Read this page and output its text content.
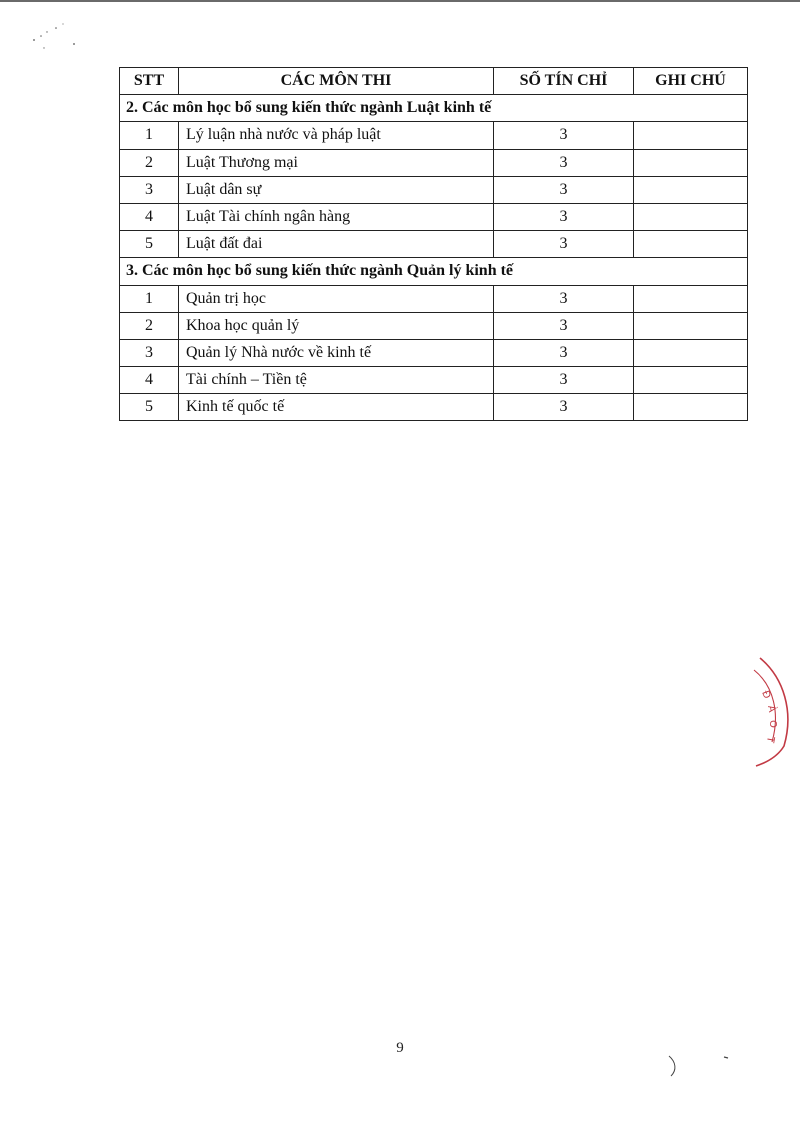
STT	CÁC MÔN THI	SỐ TÍN CHỈ	GHI CHÚ
2. Các môn học bổ sung kiến thức ngành Luật kinh tế			
1	Lý luận nhà nước và pháp luật	3	
2	Luật Thương mại	3	
3	Luật dân sự	3	
4	Luật Tài chính ngân hàng	3	
5	Luật đất đai	3	
3. Các môn học bổ sung kiến thức ngành Quản lý kinh tế			
1	Quản trị học	3	
2	Khoa học quản lý	3	
3	Quản lý Nhà nước về kinh tế	3	
4	Tài chính – Tiền tệ	3	
5	Kinh tế quốc tế	3	
Đ
À
O
T
9
